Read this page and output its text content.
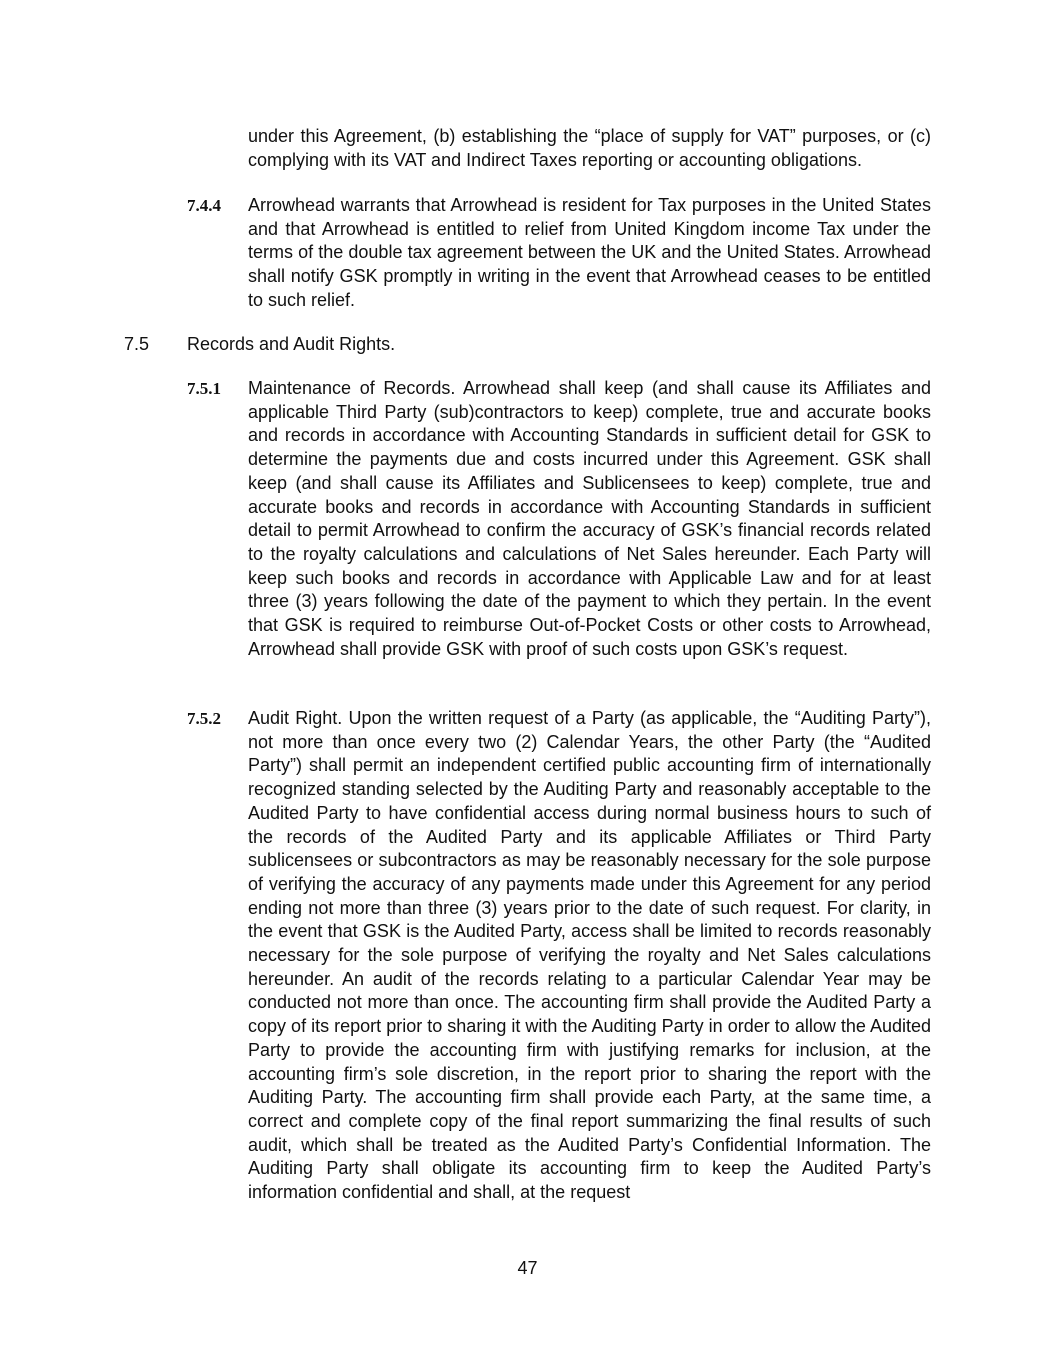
under this Agreement, (b) establishing the “place of supply for VAT” purposes, or (c) complying with its VAT and Indirect Taxes reporting or accounting obligations.

7.4.4 Arrowhead warrants that Arrowhead is resident for Tax purposes in the United States and that Arrowhead is entitled to relief from United Kingdom income Tax under the terms of the double tax agreement between the UK and the United States. Arrowhead shall notify GSK promptly in writing in the event that Arrowhead ceases to be entitled to such relief.

7.5 Records and Audit Rights.
7.5.1 Maintenance of Records. Arrowhead shall keep (and shall cause its Affiliates and applicable Third Party (sub)contractors to keep) complete, true and accurate books and records in accordance with Accounting Standards in sufficient detail for GSK to determine the payments due and costs incurred under this Agreement. GSK shall keep (and shall cause its Affiliates and Sublicensees to keep) complete, true and accurate books and records in accordance with Accounting Standards in sufficient detail to permit Arrowhead to confirm the accuracy of GSK’s financial records related to the royalty calculations and calculations of Net Sales hereunder. Each Party will keep such books and records in accordance with Applicable Law and for at least three (3) years following the date of the payment to which they pertain. In the event that GSK is required to reimburse Out-of-Pocket Costs or other costs to Arrowhead, Arrowhead shall provide GSK with proof of such costs upon GSK’s request.

7.5.2 Audit Right. Upon the written request of a Party (as applicable, the “Auditing Party”), not more than once every two (2) Calendar Years, the other Party (the “Audited Party”) shall permit an independent certified public accounting firm of internationally recognized standing selected by the Auditing Party and reasonably acceptable to the Audited Party to have confidential access during normal business hours to such of the records of the Audited Party and its applicable Affiliates or Third Party sublicensees or subcontractors as may be reasonably necessary for the sole purpose of verifying the accuracy of any payments made under this Agreement for any period ending not more than three (3) years prior to the date of such request. For clarity, in the event that GSK is the Audited Party, access shall be limited to records reasonably necessary for the sole purpose of verifying the royalty and Net Sales calculations hereunder. An audit of the records relating to a particular Calendar Year may be conducted not more than once. The accounting firm shall provide the Audited Party a copy of its report prior to sharing it with the Auditing Party in order to allow the Audited Party to provide the accounting firm with justifying remarks for inclusion, at the accounting firm’s sole discretion, in the report prior to sharing the report with the Auditing Party. The accounting firm shall provide each Party, at the same time, a correct and complete copy of the final report summarizing the final results of such audit, which shall be treated as the Audited Party’s Confidential Information. The Auditing Party shall obligate its accounting firm to keep the Audited Party’s information confidential and shall, at the request

47
